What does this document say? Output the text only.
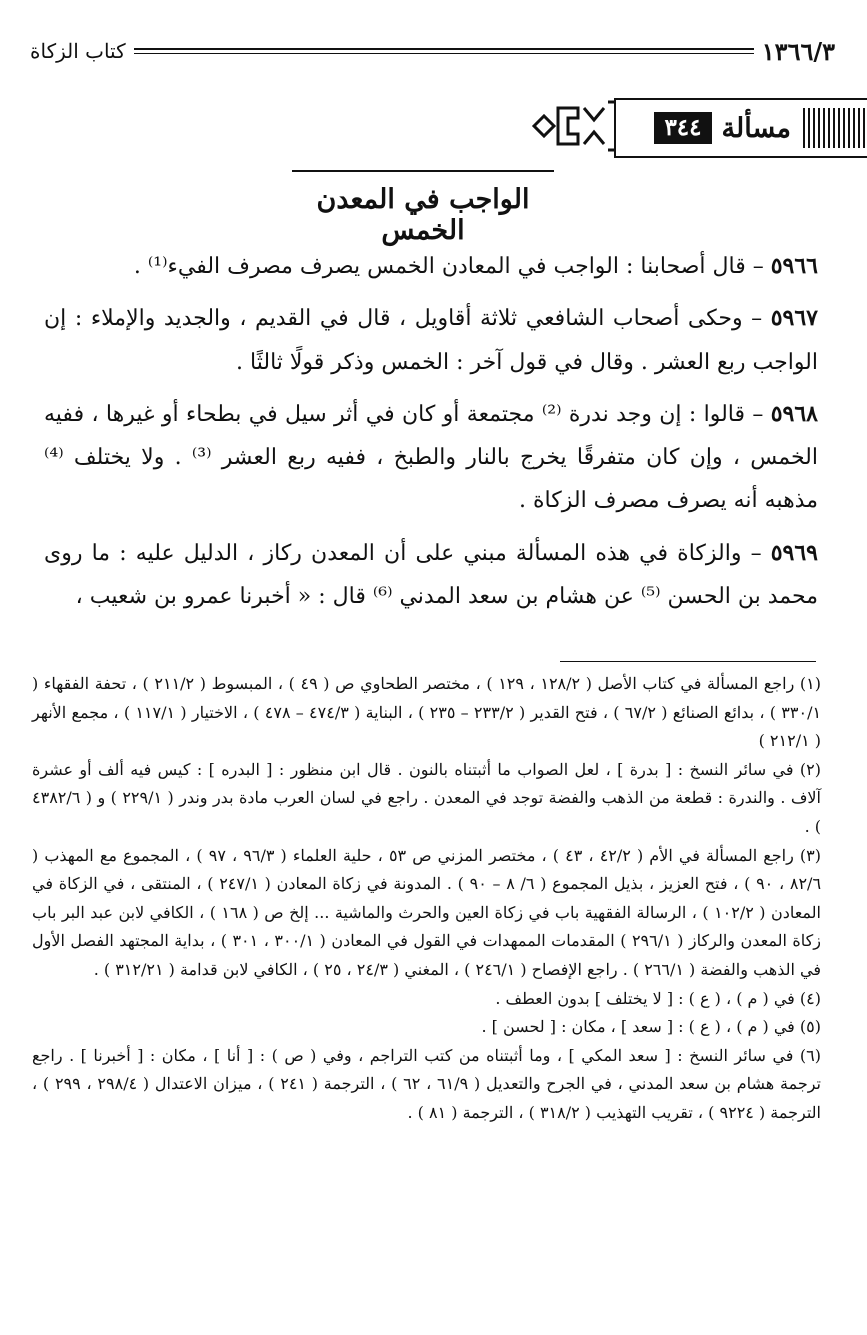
١٣٦٦/٣
كتاب الزكاة
مسألة
٣٤٤
الواجب في المعدن الخمس

٥٩٦٦ – قال أصحابنا : الواجب في المعادن الخمس يصرف مصرف الفيء⁽¹⁾ .

٥٩٦٧ – وحكى أصحاب الشافعي ثلاثة أقاويل ، قال في القديم ، والجديد والإملاء : إن الواجب ربع العشر . وقال في قول آخر : الخمس وذكر قولًا ثالثًا .

٥٩٦٨ – قالوا : إن وجد ندرة ⁽²⁾ مجتمعة أو كان في أثر سيل في بطحاء أو غيرها ، ففيه الخمس ، وإن كان متفرقًا يخرج بالنار والطبخ ، ففيه ربع العشر ⁽³⁾ . ولا يختلف ⁽⁴⁾ مذهبه أنه يصرف مصرف الزكاة .

٥٩٦٩ – والزكاة في هذه المسألة مبني على أن المعدن ركاز ، الدليل عليه : ما روى محمد بن الحسن ⁽⁵⁾ عن هشام بن سعد المدني ⁽⁶⁾ قال : « أخبرنا عمرو بن شعيب ،

(١) راجع المسألة في كتاب الأصل ( ١٢٨/٢ ، ١٢٩ ) ، مختصر الطحاوي ص ( ٤٩ ) ، المبسوط ( ٢١١/٢ ) ، تحفة الفقهاء ( ٣٣٠/١ ) ، بدائع الصنائع ( ٦٧/٢ ) ، فتح القدير ( ٢٣٣/٢ – ٢٣٥ ) ، البناية ( ٤٧٤/٣ – ٤٧٨ ) ، الاختيار ( ١١٧/١ ) ، مجمع الأنهر ( ٢١٢/١ )

(٢) في سائر النسخ : [ بدرة ] ، لعل الصواب ما أثبتناه بالنون . قال ابن منظور : [ البدره ] : كيس فيه ألف أو عشرة آلاف . والندرة : قطعة من الذهب والفضة توجد في المعدن . راجع في لسان العرب مادة بدر وندر ( ٢٢٩/١ ) و ( ٤٣٨٢/٦ ) .

(٣) راجع المسألة في الأم ( ٤٢/٢ ، ٤٣ ) ، مختصر المزني ص ٥٣ ، حلية العلماء ( ٩٦/٣ ، ٩٧ ) ، المجموع مع المهذب ( ٨٢/٦ ، ٩٠ ) ، فتح العزيز ، بذيل المجموع ( ٦/ ٨ – ٩٠ ) . المدونة في زكاة المعادن ( ٢٤٧/١ ) ، المنتقى ، في الزكاة في المعادن ( ١٠٢/٢ ) ، الرسالة الفقهية باب في زكاة العين والحرث والماشية ... إلخ ص ( ١٦٨ ) ، الكافي لابن عبد البر باب زكاة المعدن والركاز ( ٢٩٦/١ ) المقدمات الممهدات في القول في المعادن ( ٣٠٠/١ ، ٣٠١ ) ، بداية المجتهد الفصل الأول في الذهب والفضة ( ٢٦٦/١ ) . راجع الإفصاح ( ٢٤٦/١ ) ، المغني ( ٢٤/٣ ، ٢٥ ) ، الكافي لابن قدامة ( ٣١٢/٢١ ) .

(٤) في ( م ) ، ( ع ) : [ لا يختلف ] بدون العطف .

(٥) في ( م ) ، ( ع ) : [ سعد ] ، مكان : [ لحسن ] .

(٦) في سائر النسخ : [ سعد المكي ] ، وما أثبتناه من كتب التراجم ، وفي ( ص ) : [ أنا ] ، مكان : [ أخبرنا ] . راجع ترجمة هشام بن سعد المدني ، في الجرح والتعديل ( ٦١/٩ ، ٦٢ ) ، الترجمة ( ٢٤١ ) ، ميزان الاعتدال ( ٢٩٨/٤ ، ٢٩٩ ) ، الترجمة ( ٩٢٢٤ ) ، تقريب التهذيب ( ٣١٨/٢ ) ، الترجمة ( ٨١ ) .
